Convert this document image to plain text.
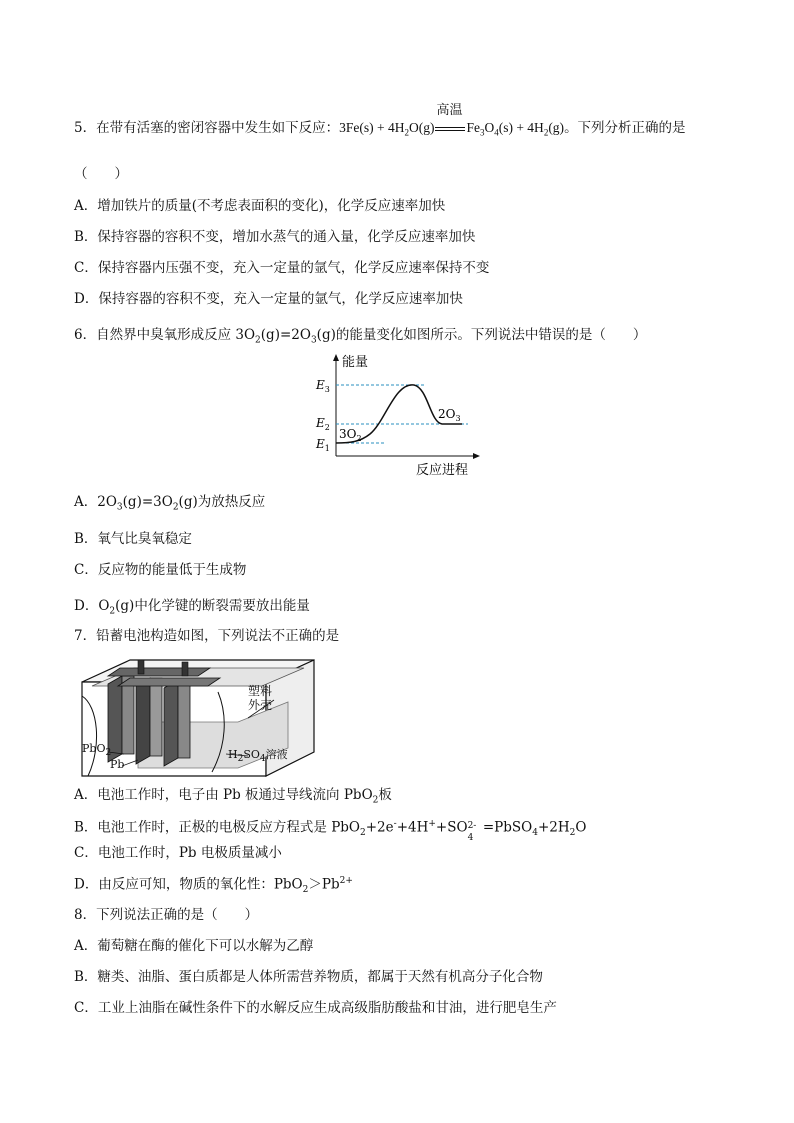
5．在带有活塞的密闭容器中发生如下反应：$3Fe(s) + 4H_2O(g)$
高温
$Fe_3O_4(s) + 4H_2(g)$。下列分析正确的是
（　　）
A．增加铁片的质量(不考虑表面积的变化)，化学反应速率加快
B．保持容器的容积不变，增加水蒸气的通入量，化学反应速率加快
C．保持容器内压强不变，充入一定量的氩气，化学反应速率保持不变
D．保持容器的容积不变，充入一定量的氩气，化学反应速率加快
6．自然界中臭氧形成反应 $3O_2(g)=2O_3(g)$的能量变化如图所示。下列说法中错误的是（　　）
能量
反应进程
$E_3$
$E_2$
$E_1$
$3O_2$
$2O_3$
A．$2O_3(g)=3O_2(g)$为放热反应
B．氧气比臭氧稳定
C．反应物的能量低于生成物
D．$O_2(g)$中化学键的断裂需要放出能量
7．铅蓄电池构造如图，下列说法不正确的是
塑料
外壳
PbO$_2$
Pb
$H_2SO_4$溶液
A．电池工作时，电子由 Pb 板通过导线流向 PbO$_2$板
B．电池工作时，正极的电极反应方程式是 PbO$_2$+2e-+4H++SO 2-
4
$=PbSO_4+2H_2O$
C．电池工作时，Pb 电极质量减小
D．由反应可知，物质的氧化性：$PbO_2>Pb^{2+}$
8．下列说法正确的是（　　）
A．葡萄糖在酶的催化下可以水解为乙醇
B．糖类、油脂、蛋白质都是人体所需营养物质，都属于天然有机高分子化合物
C．工业上油脂在碱性条件下的水解反应生成高级脂肪酸盐和甘油，进行肥皂生产
